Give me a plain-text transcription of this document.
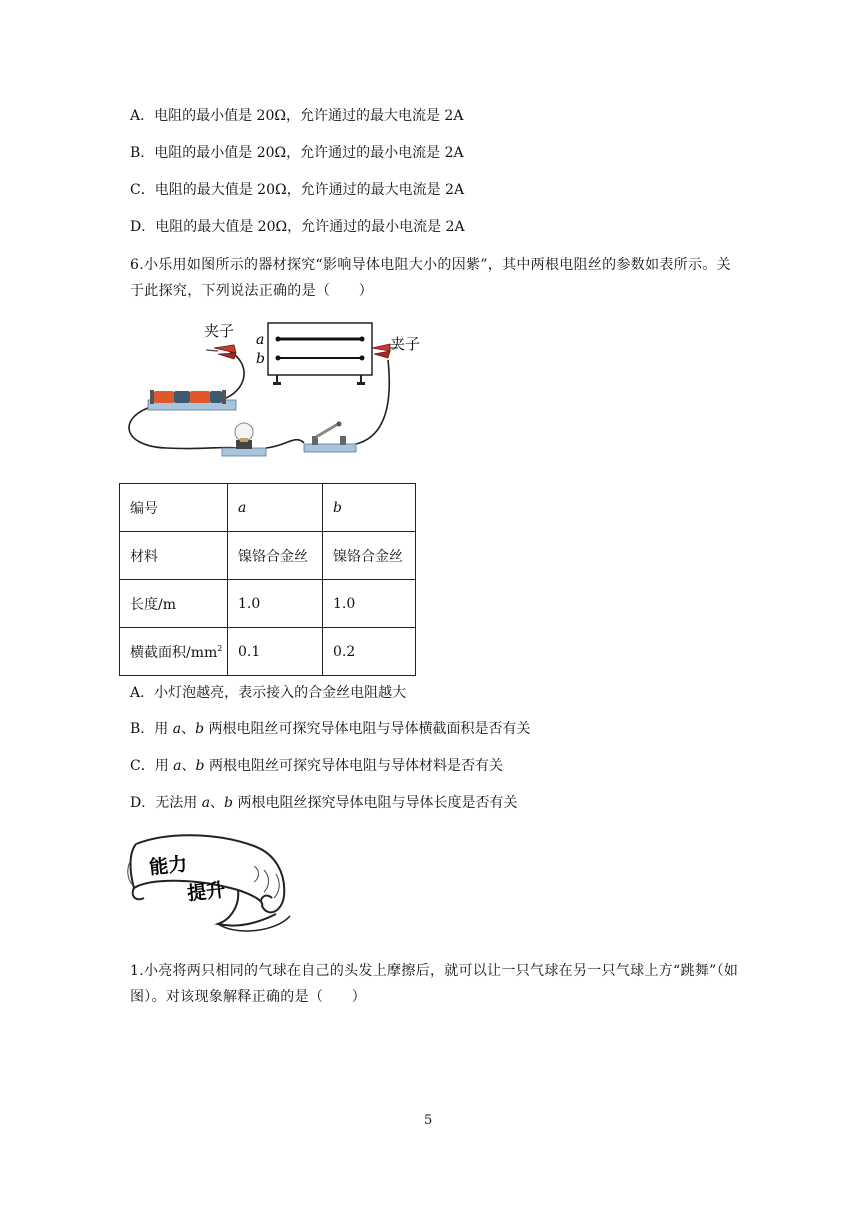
A．电阻的最小值是 20Ω，允许通过的最大电流是 2A
B．电阻的最小值是 20Ω，允许通过的最小电流是 2A
C．电阻的最大值是 20Ω，允许通过的最大电流是 2A
D．电阻的最大值是 20Ω，允许通过的最小电流是 2A
6.小乐用如图所示的器材探究“影响导体电阻大小的因紫”，其中两根电阻丝的参数如表所示。关于此探究，下列说法正确的是（　　）
a
b
夹子
夹子
编号	a	b
材料	镍铬合金丝	镍铬合金丝
长度/m	1.0	1.0
横截面积$/mm^2$	0.1	0.2
A．小灯泡越亮，表示接入的合金丝电阻越大
B．用 a、b 两根电阻丝可探究导体电阻与导体横截面积是否有关
C．用 a、b 两根电阻丝可探究导体电阻与导体材料是否有关
D．无法用 a、b 两根电阻丝探究导体电阻与导体长度是否有关
能力
提升
1.小亮将两只相同的气球在自己的头发上摩擦后，就可以让一只气球在另一只气球上方“跳舞”（如图）。对该现象解释正确的是（　　）
5
